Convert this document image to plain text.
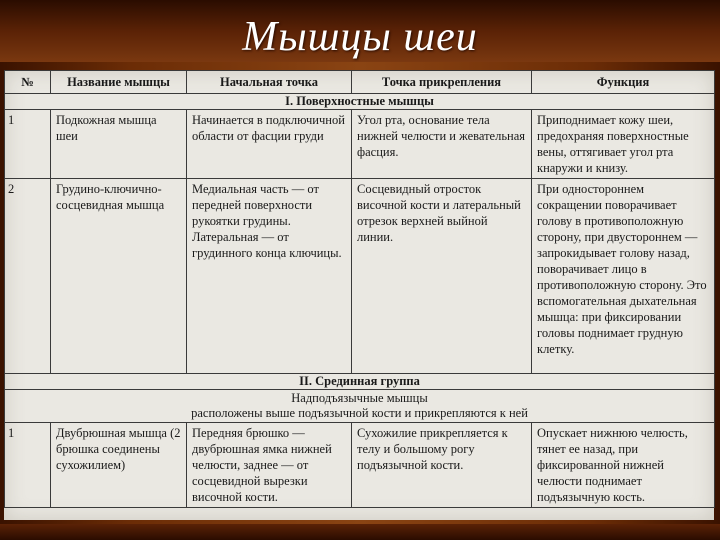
Мышцы шеи
№	Название мышцы	Начальная точка	Точка прикрепления	Функция
I. Поверхностные мышцы				
1	Подкожная мышца шеи	Начинается в подключичной области от фасции груди	Угол рта, основание тела нижней челюсти и жевательная фасция.	Приподнимает кожу шеи, предохраняя поверхностные вены, оттягивает угол рта кнаружи и книзу.
2	Грудино-ключично-сосцевидная мышца	Медиальная часть — от передней поверхности рукоятки грудины. Латеральная — от грудинного конца ключицы.	Сосцевидный отросток височной кости и латеральный отрезок верхней выйной линии.	При одностороннем сокращении поворачивает голову в противоположную сторону, при двустороннем — запрокидывает голову назад, поворачивает лицо в противоположную сторону. Это вспомогательная дыхательная мышца: при фиксировании головы поднимает грудную клетку.
II. Срединная группа				

Надподъязычные мышцы
расположены выше подъязычной кости и прикрепляются к ней				

1	Двубрюшная мышца (2 брюшка соединены сухожилием)	Передняя брюшко — двубрюшная ямка нижней челюсти, заднее — от сосцевидной вырезки височной кости.	Сухожилие прикрепляется к телу и большому рогу подъязычной кости.	Опускает нижнюю челюсть, тянет ее назад, при фиксированной нижней челюсти поднимает подъязычную кость.
